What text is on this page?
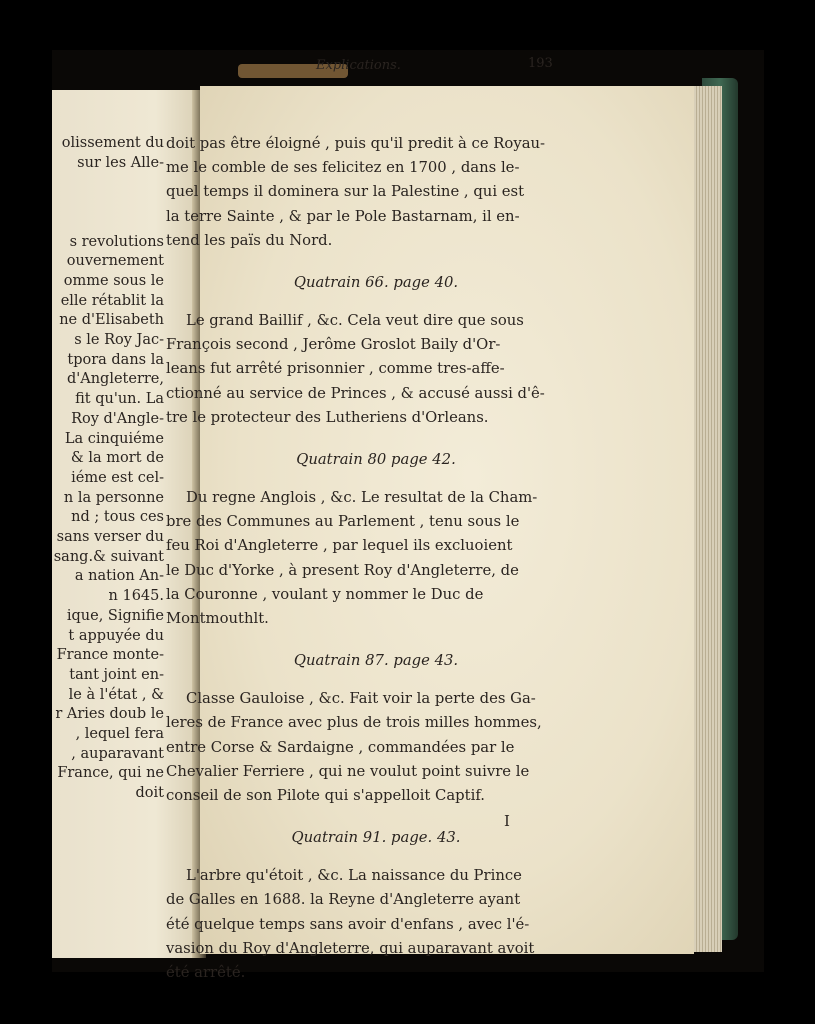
olissement du
sur les Alle-
s revolutions
ouvernement
omme sous le
elle rétablit la
ne d'Elisabeth
s le Roy Jac-
tpora dans la
d'Angleterre,
fit qu'un. La
Roy d'Angle-
La cinquiéme
& la mort de
iéme est cel-
n la personne
nd ; tous ces
sans verser du
sang.& suivant
a nation An-
n 1645.
ique, Signifie
t appuyée du
France monte-
tant joint en-
le à l'état , &
r Aries doub le
, lequel fera
, auparavant
France, qui ne
doit
Explications.	193
doit pas être éloigné , puis qu'il predit à ce Royau-
me le comble de ses felicitez en 1700 , dans le-
quel temps il dominera sur la Palestine , qui est
la terre Sainte , & par le Pole Bastarnam, il en-
tend les païs du Nord.
Quatrain 66. page 40.
Le grand Baillif , &c. Cela veut dire que sous
François second , Jerôme Groslot Baily d'Or-
leans fut arrêté prisonnier , comme tres-affe-
ctionné au service de Princes , & accusé aussi d'ê-
tre le protecteur des Lutheriens d'Orleans.
Quatrain 80 page 42.
Du regne Anglois , &c. Le resultat de la Cham-
bre des Communes au Parlement , tenu sous le
feu Roi d'Angleterre , par lequel ils excluoient
le Duc d'Yorke , à present Roy d'Angleterre, de
la Couronne , voulant y nommer le Duc de
Montmouthlt.
Quatrain 87. page 43.
Classe Gauloise , &c. Fait voir la perte des Ga-
leres de France avec plus de trois milles hommes,
entre Corse & Sardaigne , commandées par le
Chevalier Ferriere , qui ne voulut point suivre le
conseil de son Pilote qui s'appelloit Captif.
Quatrain 91. page. 43.
L'arbre qu'étoit , &c. La naissance du Prince
de Galles en 1688. la Reyne d'Angleterre ayant
été quelque temps sans avoir d'enfans , avec l'é-
vasion du Roy d'Angleterre, qui auparavant avoit
été arrêté.
I
